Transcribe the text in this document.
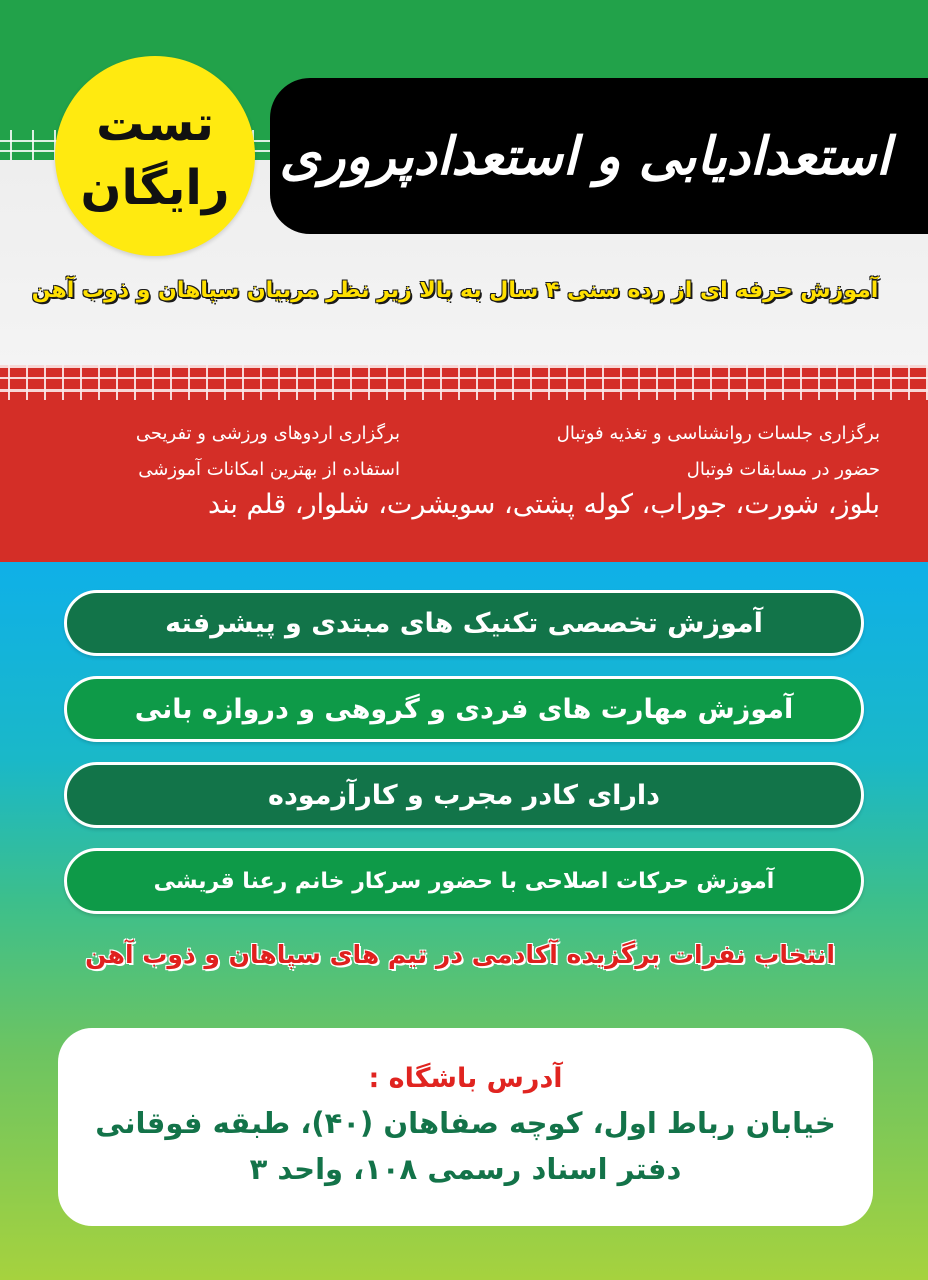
استعدادیابی و استعدادپروری
تست
رایگان
آموزش حرفه ای از رده سنی ۴ سال به بالا زیر نظر مربیان سپاهان و ذوب آهن
برگزاری جلسات روانشناسی و تغذیه فوتبال
برگزاری اردوهای ورزشی و تفریحی
حضور در مسابقات فوتبال
استفاده از بهترین امکانات آموزشی
بلوز، شورت، جوراب، کوله پشتی، سویشرت، شلوار، قلم بند
آموزش تخصصی تکنیک های مبتدی و پیشرفته
آموزش مهارت های فردی و گروهی و دروازه بانی
دارای کادر مجرب و کارآزموده
آموزش حرکات اصلاحی با حضور سرکار خانم رعنا قریشی
انتخاب نفرات برگزیده آکادمی در تیم های سپاهان و ذوب آهن
آدرس باشگاه :
خیابان رباط اول، کوچه صفاهان (۴۰)، طبقه فوقانی
دفتر اسناد رسمی ۱۰۸، واحد ۳
